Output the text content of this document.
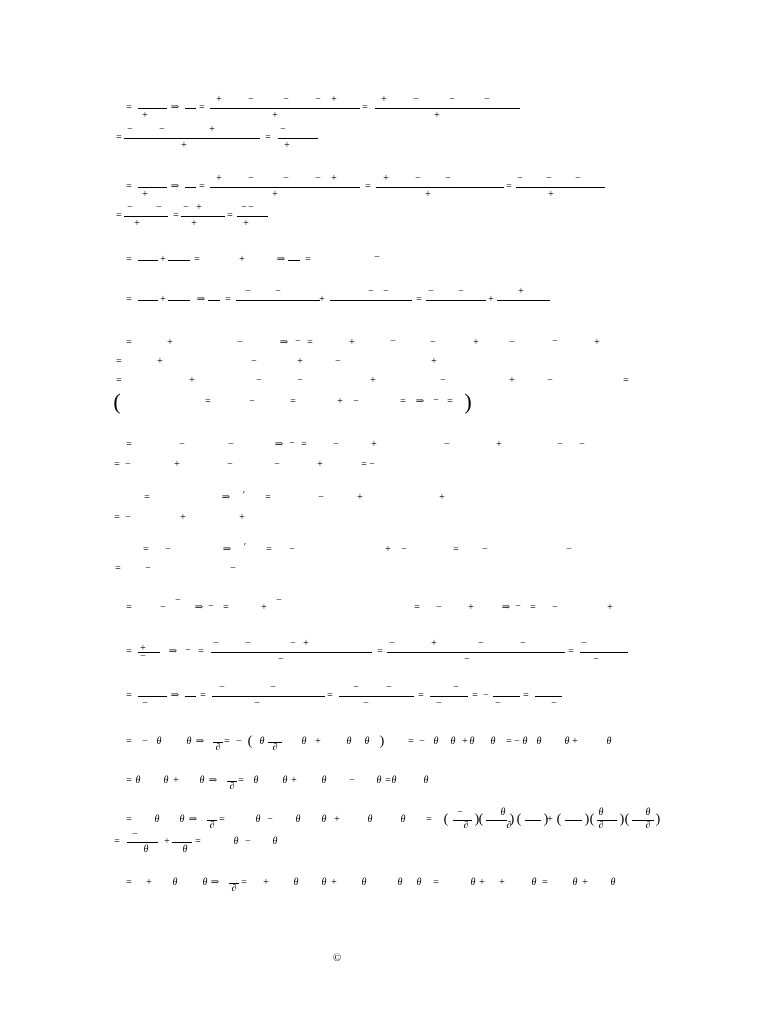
=
+
⇒ =
+	−	−	− +
+
=
+	−	−	−
+
=
−	−	+
+
=
−
+
=
+
⇒ =
+	−	−	− +
+
=
+	− −
+
=
− − −
+
=
− −
+
=
− +
+
=
− −
+
=	+	=	+	⇒ =	−
=	+	⇒ =
− −
+
− −
=
− −
+
+
=	+	−	⇒ − =	+	−	−	+	−	−	+
=	+	−	+	−	+
=	+	−	−	+	−	+	−	=
(	=	−	=	+ −	= ⇒ − = )
=	−	−	⇒ − =	−	+	−	+	− −
= −	+	−	−	+	= −
=	⇒ ′ =	−	+	+
= −	+	+
= −	⇒ ′ = −	+ −	= −	−
= −	−
=	−
−
⇒ − =	+
−
= −	+	⇒ − = −	+
= +
− ⇒ − =
−	−	− +
−
=
−	+	−	−
−
=
−
−
=
−
⇒ =
−	−
−
=
−	−
−
=
−
−
= −
−
=
−
= − θ	θ ⇒
∂
= − θ
∂
θ +	θ θ	= − θ θ + θ θ = − θ θ θ +	θ
(	)
= θ θ + θ ⇒
∂
= θ θ + θ − θ = θ	θ
= θ θ ⇒
∂
=	θ − θ θ +	θ	θ =
−
∂
θ
∂
+
θ
∂
θ
∂
( ) ( ) ( ) ( ) ( ) ( )
=
−
θ
+
θ
=	θ − θ
= + θ	θ ⇒
∂
= + θ θ + θ	θ θ =	θ + +	θ = θ + θ
©
